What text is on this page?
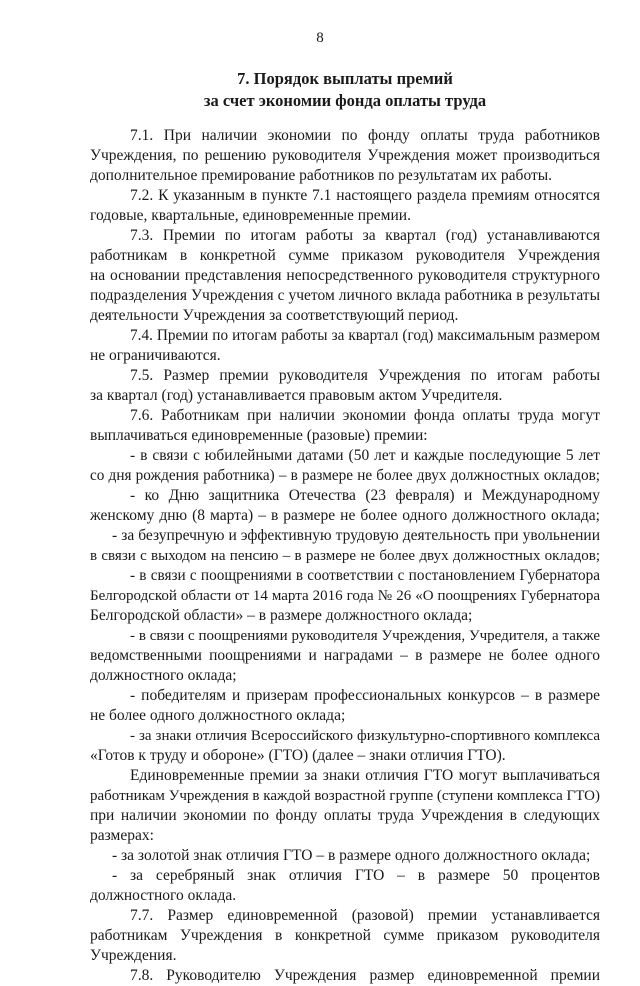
8
7. Порядок выплаты премий
за счет экономии фонда оплаты труда
7.1. При наличии экономии по фонду оплаты труда работников
Учреждения, по решению руководителя Учреждения может производиться
дополнительное премирование работников по результатам их работы.
7.2. К указанным в пункте 7.1 настоящего раздела премиям относятся
годовые, квартальные, единовременные премии.
7.3. Премии по итогам работы за квартал (год) устанавливаются
работникам в конкретной сумме приказом руководителя Учреждения
на основании представления непосредственного руководителя структурного
подразделения Учреждения с учетом личного вклада работника в результаты
деятельности Учреждения за соответствующий период.
7.4. Премии по итогам работы за квартал (год) максимальным размером
не ограничиваются.
7.5. Размер премии руководителя Учреждения по итогам работы
за квартал (год) устанавливается правовым актом Учредителя.
7.6. Работникам при наличии экономии фонда оплаты труда могут
выплачиваться единовременные (разовые) премии:
- в связи с юбилейными датами (50 лет и каждые последующие 5 лет
со дня рождения работника) – в размере не более двух должностных окладов;
- ко Дню защитника Отечества (23 февраля) и Международному
женскому дню (8 марта) – в размере не более одного должностного оклада;
- за безупречную и эффективную трудовую деятельность при увольнении
в связи с выходом на пенсию – в размере не более двух должностных окладов;
- в связи с поощрениями в соответствии с постановлением Губернатора
Белгородской области от 14 марта 2016 года № 26 «О поощрениях Губернатора
Белгородской области» – в размере должностного оклада;
- в связи с поощрениями руководителя Учреждения, Учредителя, а также
ведомственными поощрениями и наградами – в размере не более одного
должностного оклада;
- победителям и призерам профессиональных конкурсов – в размере
не более одного должностного оклада;
- за знаки отличия Всероссийского физкультурно-спортивного комплекса
«Готов к труду и обороне» (ГТО) (далее – знаки отличия ГТО).
Единовременные премии за знаки отличия ГТО могут выплачиваться
работникам Учреждения в каждой возрастной группе (ступени комплекса ГТО)
при наличии экономии по фонду оплаты труда Учреждения в следующих
размерах:
- за золотой знак отличия ГТО – в размере одного должностного оклада;
- за серебряный знак отличия ГТО – в размере 50 процентов
должностного оклада.
7.7. Размер единовременной (разовой) премии устанавливается
работникам Учреждения в конкретной сумме приказом руководителя
Учреждения.
7.8. Руководителю Учреждения размер единовременной премии
